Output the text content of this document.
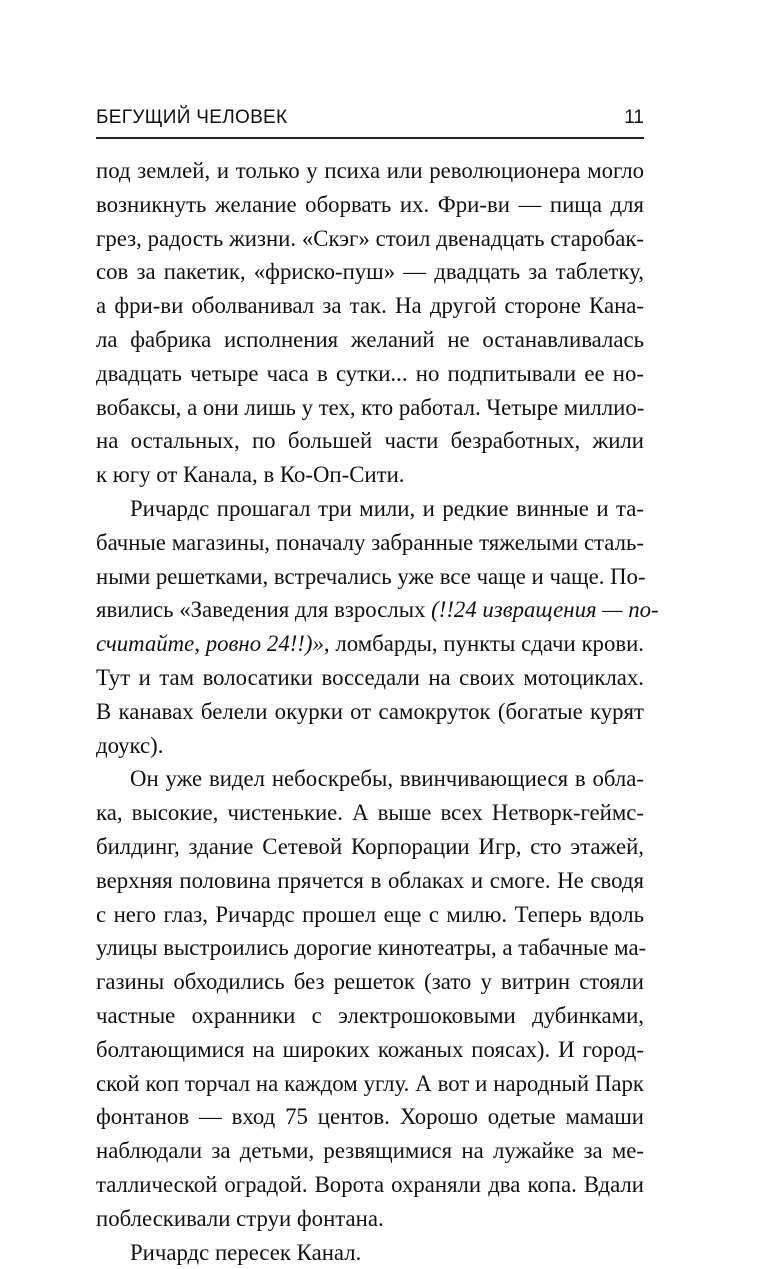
БЕГУЩИЙ ЧЕЛОВЕК	11
под землей, и только у психа или революционера могло
возникнуть желание оборвать их. Фри-ви — пища для
грез, радость жизни. «Скэг» стоил двенадцать старобак-
сов за пакетик, «фриско-пуш» — двадцать за таблетку,
а фри-ви оболванивал за так. На другой стороне Кана-
ла фабрика исполнения желаний не останавливалась
двадцать четыре часа в сутки... но подпитывали ее но-
вобаксы, а они лишь у тех, кто работал. Четыре миллио-
на остальных, по большей части безработных, жили
к югу от Канала, в Ко-Оп-Сити.
Ричардс прошагал три мили, и редкие винные и та-
бачные магазины, поначалу забранные тяжелыми сталь-
ными решетками, встречались уже все чаще и чаще. По-
явились «Заведения для взрослых (!!24 извращения — по-
считайте, ровно 24!!)», ломбарды, пункты сдачи крови.
Тут и там волосатики восседали на своих мотоциклах.
В канавах белели окурки от самокруток (богатые курят
доукс).
Он уже видел небоскребы, ввинчивающиеся в обла-
ка, высокие, чистенькие. А выше всех Нетворк-геймс-
билдинг, здание Сетевой Корпорации Игр, сто этажей,
верхняя половина прячется в облаках и смоге. Не сводя
с него глаз, Ричардс прошел еще с милю. Теперь вдоль
улицы выстроились дорогие кинотеатры, а табачные ма-
газины обходились без решеток (зато у витрин стояли
частные охранники с электрошоковыми дубинками,
болтающимися на широких кожаных поясах). И город-
ской коп торчал на каждом углу. А вот и народный Парк
фонтанов — вход 75 центов. Хорошо одетые мамаши
наблюдали за детьми, резвящимися на лужайке за ме-
таллической оградой. Ворота охраняли два копа. Вдали
поблескивали струи фонтана.
Ричардс пересек Канал.
